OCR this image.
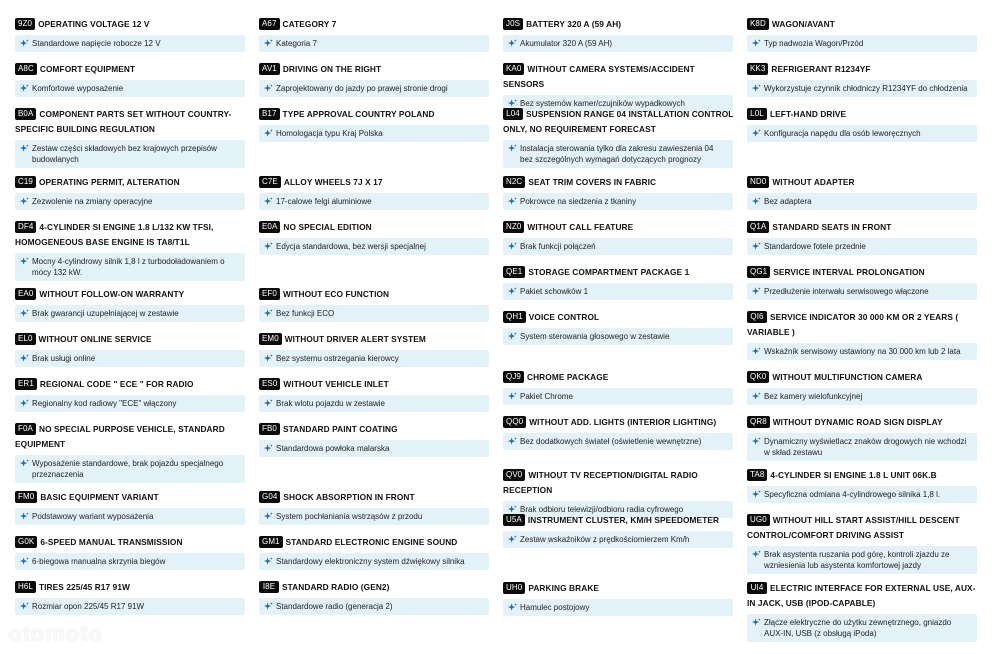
9Z0 OPERATING VOLTAGE 12 V
Standardowe napięcie robocze 12 V
A8C COMFORT EQUIPMENT
Komfortowe wyposażenie
B0A COMPONENT PARTS SET WITHOUT COUNTRY-SPECIFIC BUILDING REGULATION
Zestaw części składowych bez krajowych przepisów budowlanych
C19 OPERATING PERMIT, ALTERATION
Zezwolenie na zmiany operacyjne
DF4 4-CYLINDER SI ENGINE 1.8 L/132 KW TFSI, HOMOGENEOUS BASE ENGINE IS TA8/T1L
Mocny 4-cylindrowy silnik 1,8 l z turbodoładowaniem o mocy 132 kW.
EA0 WITHOUT FOLLOW-ON WARRANTY
Brak gwarancji uzupełniającej w zestawie
EL0 WITHOUT ONLINE SERVICE
Brak usługi online
ER1 REGIONAL CODE " ECE " FOR RADIO
Regionalny kod radiowy "ECE" włączony
F0A NO SPECIAL PURPOSE VEHICLE, STANDARD EQUIPMENT
Wyposażenie standardowe, brak pojazdu specjalnego przeznaczenia
FM0 BASIC EQUIPMENT VARIANT
Podstawowy wariant wyposażenia
G0K 6-SPEED MANUAL TRANSMISSION
6-biegowa manualna skrzynia biegów
H6L TIRES 225/45 R17 91W
Rozmiar opon 225/45 R17 91W
A67 CATEGORY 7
Kategoria 7
AV1 DRIVING ON THE RIGHT
Zaprojektowany do jazdy po prawej stronie drogi
B17 TYPE APPROVAL COUNTRY POLAND
Homologacja typu Kraj Polska
C7E ALLOY WHEELS 7J X 17
17-calowe felgi aluminiowe
E0A NO SPECIAL EDITION
Edycja standardowa, bez wersji specjalnej
EF0 WITHOUT ECO FUNCTION
Bez funkcji ECO
EM0 WITHOUT DRIVER ALERT SYSTEM
Bez systemu ostrzegania kierowcy
ES0 WITHOUT VEHICLE INLET
Brak wlotu pojazdu w zestawie
FB0 STANDARD PAINT COATING
Standardowa powłoka malarska
G04 SHOCK ABSORPTION IN FRONT
System pochłaniania wstrząsów z przodu
GM1 STANDARD ELECTRONIC ENGINE SOUND
Standardowy elektroniczny system dźwiękowy silnika
I8E STANDARD RADIO (GEN2)
Standardowe radio (generacja 2)
J0S BATTERY 320 A (59 AH)
Akumulator 320 A (59 AH)
KA0 WITHOUT CAMERA SYSTEMS/ACCIDENT SENSORS
Bez systemów kamer/czujników wypadkowych
L04 SUSPENSION RANGE 04 INSTALLATION CONTROL ONLY, NO REQUIREMENT FORECAST
Instalacja sterowania tylko dla zakresu zawieszenia 04 bez szczególnych wymagań dotyczących prognozy
N2C SEAT TRIM COVERS IN FABRIC
Pokrowce na siedzenia z tkaniny
NZ0 WITHOUT CALL FEATURE
Brak funkcji połączeń
QE1 STORAGE COMPARTMENT PACKAGE 1
Pakiet schowków 1
QH1 VOICE CONTROL
System sterowania głosowego w zestawie
QJ9 CHROME PACKAGE
Pakiet Chrome
QQ0 WITHOUT ADD. LIGHTS (INTERIOR LIGHTING)
Bez dodatkowych świateł (oświetlenie wewnętrzne)
QV0 WITHOUT TV RECEPTION/DIGITAL RADIO RECEPTION
Brak odbioru telewizji/odbioru radia cyfrowego
U5A INSTRUMENT CLUSTER, KM/H SPEEDOMETER
Zestaw wskaźników z prędkościomierzem Km/h
UH0 PARKING BRAKE
Hamulec postojowy
K8D WAGON/AVANT
Typ nadwozia Wagon/Przód
KK3 REFRIGERANT R1234YF
Wykorzystuje czynnik chłodniczy R1234YF do chłodzenia
L0L LEFT-HAND DRIVE
Konfiguracja napędu dla osób leworęcznych
ND0 WITHOUT ADAPTER
Bez adaptera
Q1A STANDARD SEATS IN FRONT
Standardowe fotele przednie
QG1 SERVICE INTERVAL PROLONGATION
Przedłużenie interwału serwisowego włączone
QI6 SERVICE INDICATOR 30 000 KM OR 2 YEARS ( VARIABLE )
Wskaźnik serwisowy ustawiony na 30 000 km lub 2 lata
QK0 WITHOUT MULTIFUNCTION CAMERA
Bez kamery wielofunkcyjnej
QR8 WITHOUT DYNAMIC ROAD SIGN DISPLAY
Dynamiczny wyświetlacz znaków drogowych nie wchodzi w skład zestawu
TA8 4-CYLINDER SI ENGINE 1.8 L UNIT 06K.B
Specyficzna odmiana 4-cylindrowego silnika 1,8 l.
UG0 WITHOUT HILL START ASSIST/HILL DESCENT CONTROL/COMFORT DRIVING ASSIST
Brak asystenta ruszania pod górę, kontroli zjazdu ze wzniesienia lub asystenta komfortowej jazdy
UI4 ELECTRIC INTERFACE FOR EXTERNAL USE, AUX-IN JACK, USB (IPOD-CAPABLE)
Złącze elektryczne do użytku zewnętrznego, gniazdo AUX-IN, USB (z obsługą iPoda)
otomoto
